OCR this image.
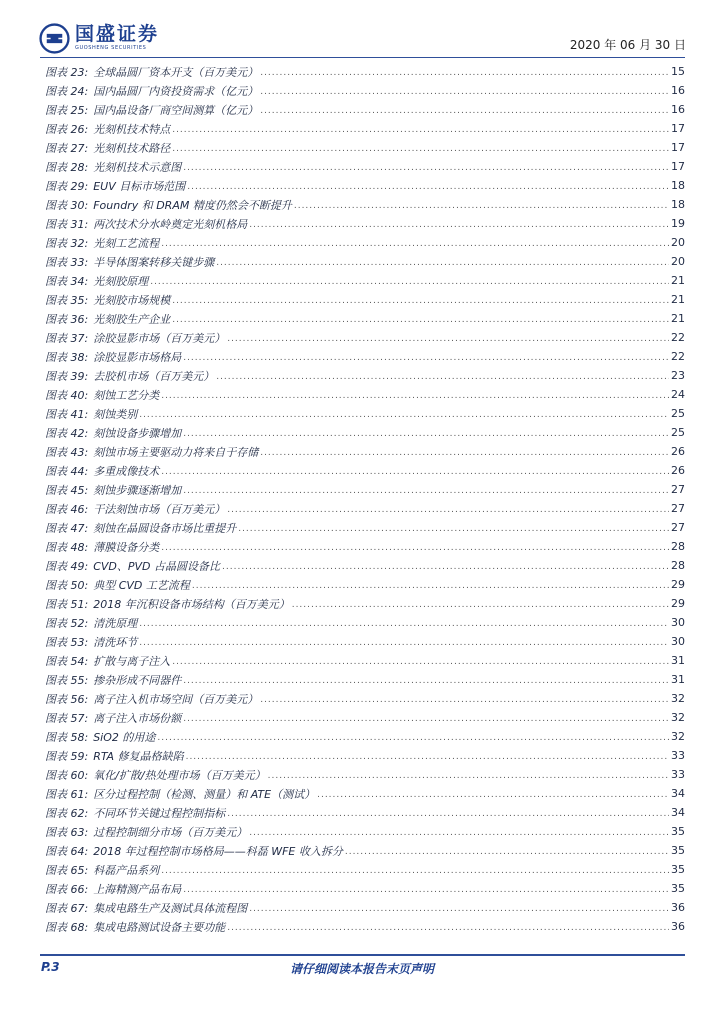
国盛证券
GUOSHENG SECURITIES	2020 年 06 月 30 日
图表 23: 全球晶圆厂资本开支（百万美元） .....	15
图表 24: 国内晶圆厂内资投资需求（亿元） .....	16
图表 25: 国内晶设备厂商空间测算（亿元） .....	16
图表 26: 光刻机技术特点 .....	17
图表 27: 光刻机技术路径 .....	17
图表 28: 光刻机技术示意图 .....	17
图表 29: EUV 目标市场范围 .....	18
图表 30: Foundry 和 DRAM 精度仍然会不断提升 .....	18
图表 31: 两次技术分水岭奠定光刻机格局 .....	19
图表 32: 光刻工艺流程 .....	20
图表 33: 半导体图案转移关键步骤 .....	20
图表 34: 光刻胶原理 .....	21
图表 35: 光刻胶市场规模 .....	21
图表 36: 光刻胶生产企业 .....	21
图表 37: 涂胶显影市场（百万美元） .....	22
图表 38: 涂胶显影市场格局 .....	22
图表 39: 去胶机市场（百万美元） .....	23
图表 40: 刻蚀工艺分类 .....	24
图表 41: 刻蚀类别 .....	25
图表 42: 刻蚀设备步骤增加 .....	25
图表 43: 刻蚀市场主要驱动力将来自于存储 .....	26
图表 44: 多重成像技术 .....	26
图表 45: 刻蚀步骤逐渐增加 .....	27
图表 46: 干法刻蚀市场（百万美元） .....	27
图表 47: 刻蚀在晶圆设备市场比重提升 .....	27
图表 48: 薄膜设备分类 .....	28
图表 49: CVD、PVD 占晶圆设备比 .....	28
图表 50: 典型 CVD 工艺流程 .....	29
图表 51: 2018 年沉积设备市场结构（百万美元） .....	29
图表 52: 清洗原理 .....	30
图表 53: 清洗环节 .....	30
图表 54: 扩散与离子注入 .....	31
图表 55: 掺杂形成不同器件 .....	31
图表 56: 离子注入机市场空间（百万美元） .....	32
图表 57: 离子注入市场份额 .....	32
图表 58: SiO2 的用途 .....	32
图表 59: RTA 修复晶格缺陷 .....	33
图表 60: 氧化/扩散/热处理市场（百万美元） .....	33
图表 61: 区分过程控制（检测、测量）和 ATE（测试） .....	34
图表 62: 不同环节关键过程控制指标 .....	34
图表 63: 过程控制细分市场（百万美元） .....	35
图表 64: 2018 年过程控制市场格局——科磊 WFE 收入拆分 .....	35
图表 65: 科磊产品系列 .....	35
图表 66: 上海精测产品布局 .....	35
图表 67: 集成电路生产及测试具体流程图 .....	36
图表 68: 集成电路测试设备主要功能 .....	36
请仔细阅读本报告末页声明
P.3
